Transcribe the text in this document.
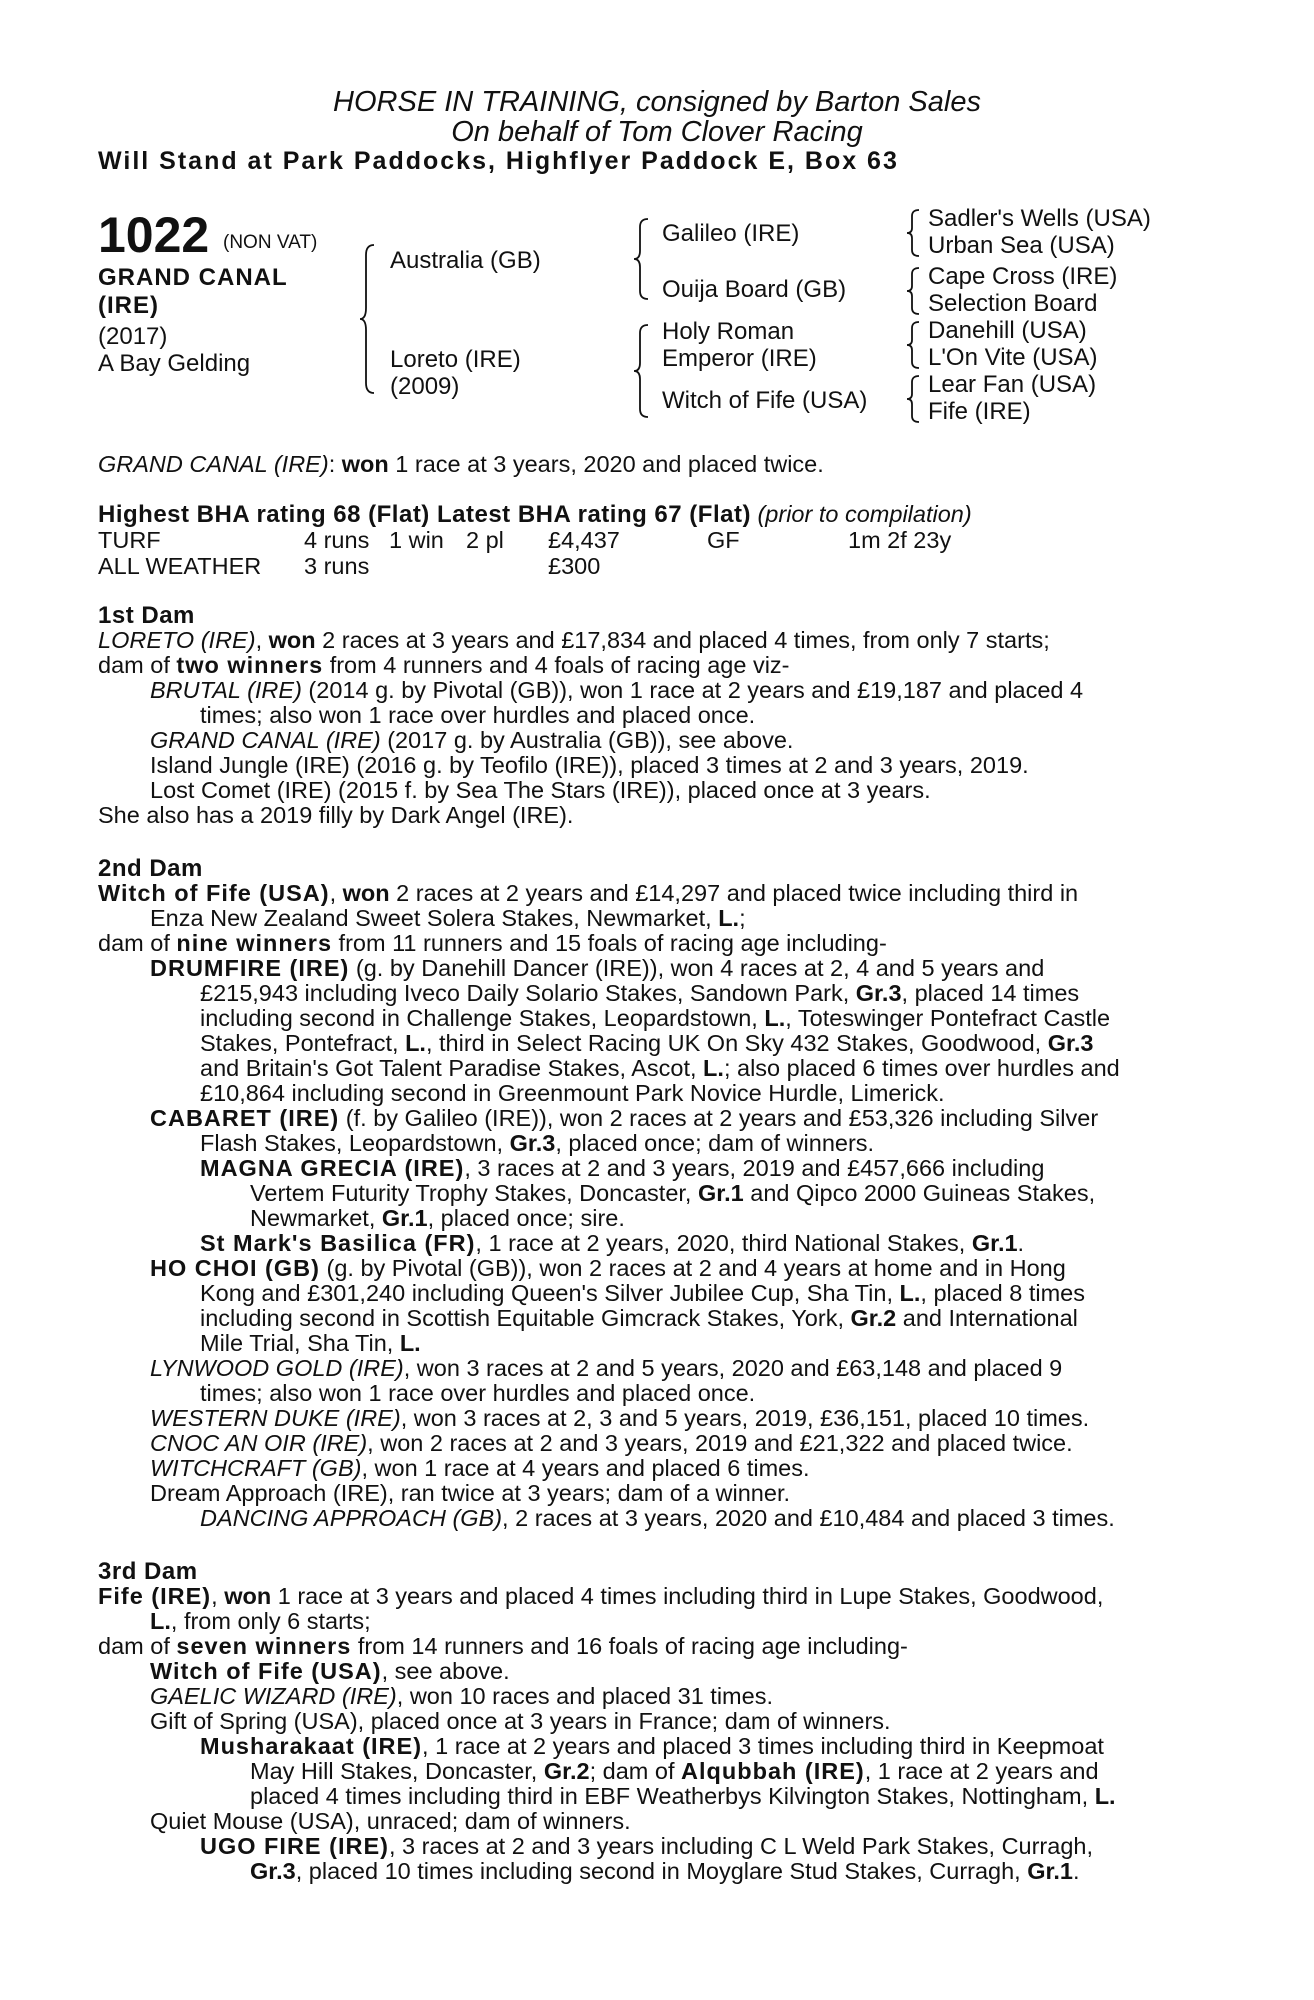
HORSE IN TRAINING, consigned by Barton Sales
On behalf of Tom Clover Racing
Will Stand at Park Paddocks, Highflyer Paddock E, Box 63
1022 (NON VAT)
GRAND CANAL
(IRE)
(2017)
A Bay Gelding
Australia (GB)
Loreto (IRE)
(2009)
Galileo (IRE)
Ouija Board (GB)
Holy Roman
Emperor (IRE)
Witch of Fife (USA)
Sadler's Wells (USA)
Urban Sea (USA)
Cape Cross (IRE)
Selection Board
Danehill (USA)
L'On Vite (USA)
Lear Fan (USA)
Fife (IRE)
GRAND CANAL (IRE): won 1 race at 3 years, 2020 and placed twice.
Highest BHA rating 68 (Flat) Latest BHA rating 67 (Flat) (prior to compilation)
TURF	4 runs 1 win 2 pl £4,437	GF	1m 2f 23y
ALL WEATHER 3 runs	£300
1st Dam
LORETO (IRE), won 2 races at 3 years and £17,834 and placed 4 times, from only 7 starts;
dam of two winners from 4 runners and 4 foals of racing age viz-
BRUTAL (IRE) (2014 g. by Pivotal (GB)), won 1 race at 2 years and £19,187 and placed 4
times; also won 1 race over hurdles and placed once.
GRAND CANAL (IRE) (2017 g. by Australia (GB)), see above.
Island Jungle (IRE) (2016 g. by Teofilo (IRE)), placed 3 times at 2 and 3 years, 2019.
Lost Comet (IRE) (2015 f. by Sea The Stars (IRE)), placed once at 3 years.
She also has a 2019 filly by Dark Angel (IRE).
2nd Dam
Witch of Fife (USA), won 2 races at 2 years and £14,297 and placed twice including third in
Enza New Zealand Sweet Solera Stakes, Newmarket, L.;
dam of nine winners from 11 runners and 15 foals of racing age including-
DRUMFIRE (IRE) (g. by Danehill Dancer (IRE)), won 4 races at 2, 4 and 5 years and
£215,943 including Iveco Daily Solario Stakes, Sandown Park, Gr.3, placed 14 times
including second in Challenge Stakes, Leopardstown, L., Toteswinger Pontefract Castle
Stakes, Pontefract, L., third in Select Racing UK On Sky 432 Stakes, Goodwood, Gr.3
and Britain's Got Talent Paradise Stakes, Ascot, L.; also placed 6 times over hurdles and
£10,864 including second in Greenmount Park Novice Hurdle, Limerick.
CABARET (IRE) (f. by Galileo (IRE)), won 2 races at 2 years and £53,326 including Silver
Flash Stakes, Leopardstown, Gr.3, placed once; dam of winners.
MAGNA GRECIA (IRE), 3 races at 2 and 3 years, 2019 and £457,666 including
Vertem Futurity Trophy Stakes, Doncaster, Gr.1 and Qipco 2000 Guineas Stakes,
Newmarket, Gr.1, placed once; sire.
St Mark's Basilica (FR), 1 race at 2 years, 2020, third National Stakes, Gr.1.
HO CHOI (GB) (g. by Pivotal (GB)), won 2 races at 2 and 4 years at home and in Hong
Kong and £301,240 including Queen's Silver Jubilee Cup, Sha Tin, L., placed 8 times
including second in Scottish Equitable Gimcrack Stakes, York, Gr.2 and International
Mile Trial, Sha Tin, L.
LYNWOOD GOLD (IRE), won 3 races at 2 and 5 years, 2020 and £63,148 and placed 9
times; also won 1 race over hurdles and placed once.
WESTERN DUKE (IRE), won 3 races at 2, 3 and 5 years, 2019, £36,151, placed 10 times.
CNOC AN OIR (IRE), won 2 races at 2 and 3 years, 2019 and £21,322 and placed twice.
WITCHCRAFT (GB), won 1 race at 4 years and placed 6 times.
Dream Approach (IRE), ran twice at 3 years; dam of a winner.
DANCING APPROACH (GB), 2 races at 3 years, 2020 and £10,484 and placed 3 times.
3rd Dam
Fife (IRE), won 1 race at 3 years and placed 4 times including third in Lupe Stakes, Goodwood,
L., from only 6 starts;
dam of seven winners from 14 runners and 16 foals of racing age including-
Witch of Fife (USA), see above.
GAELIC WIZARD (IRE), won 10 races and placed 31 times.
Gift of Spring (USA), placed once at 3 years in France; dam of winners.
Musharakaat (IRE), 1 race at 2 years and placed 3 times including third in Keepmoat
May Hill Stakes, Doncaster, Gr.2; dam of Alqubbah (IRE), 1 race at 2 years and
placed 4 times including third in EBF Weatherbys Kilvington Stakes, Nottingham, L.
Quiet Mouse (USA), unraced; dam of winners.
UGO FIRE (IRE), 3 races at 2 and 3 years including C L Weld Park Stakes, Curragh,
Gr.3, placed 10 times including second in Moyglare Stud Stakes, Curragh, Gr.1.
